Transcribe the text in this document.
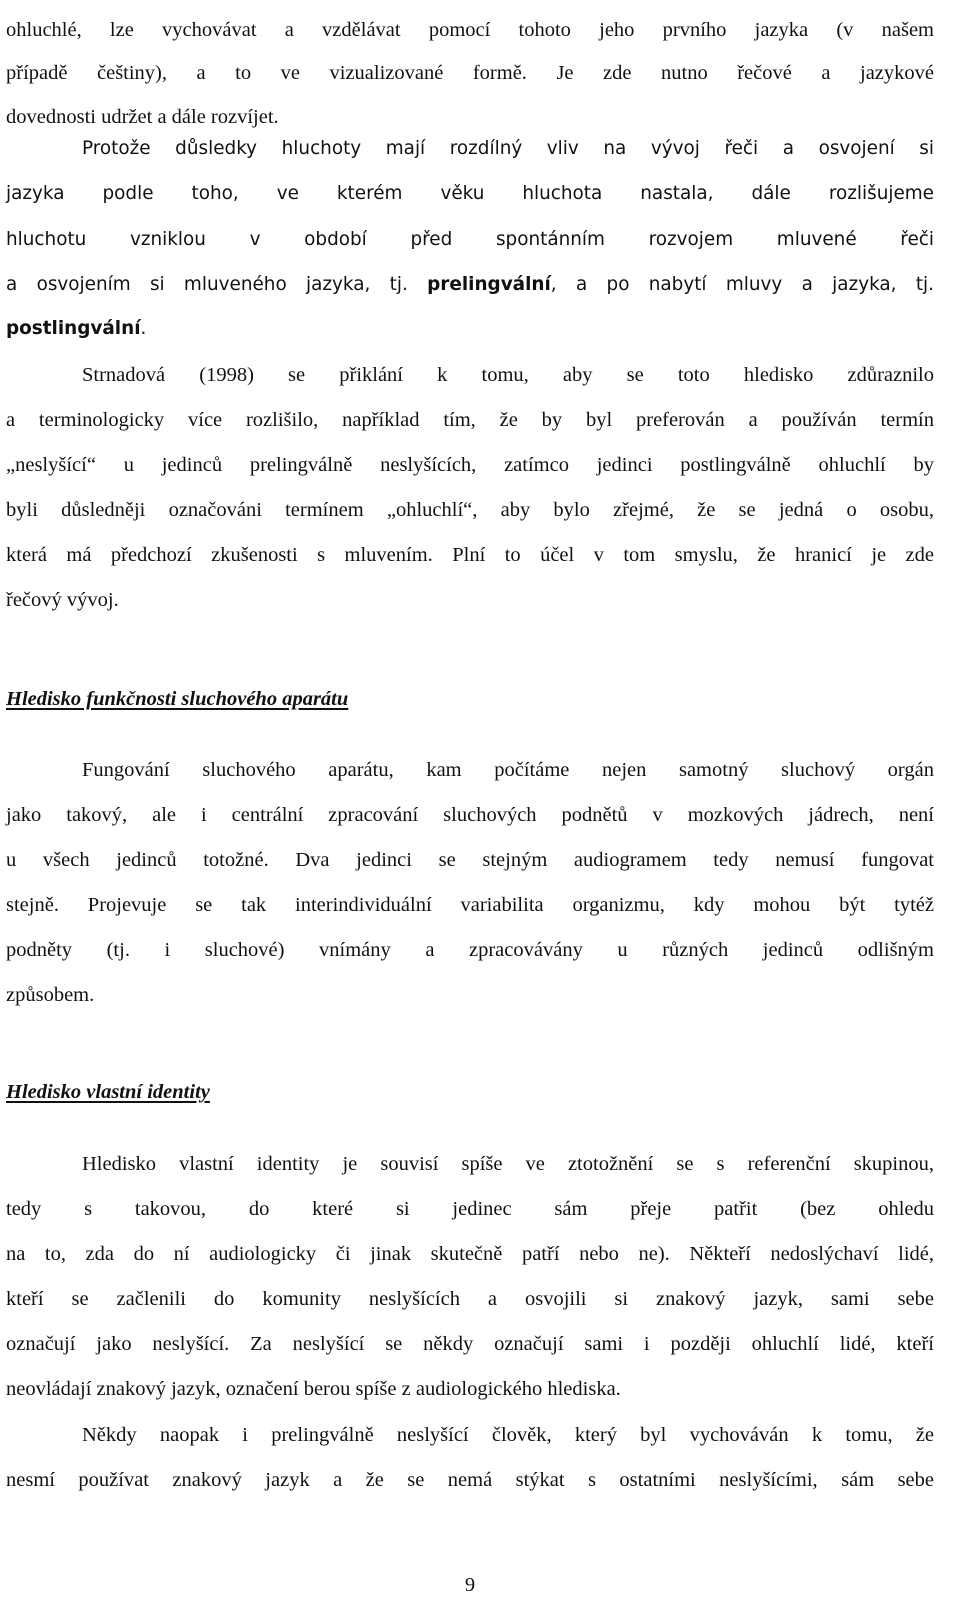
ohluchlé, lze vychovávat a vzdělávat pomocí tohoto jeho prvního jazyka (v našem

případě češtiny), a to ve vizualizované formě. Je zde nutno řečové a jazykové

dovednosti udržet a dále rozvíjet.

Protože důsledky hluchoty mají rozdílný vliv na vývoj řeči a osvojení si

jazyka podle toho, ve kterém věku hluchota nastala, dále rozlišujeme

hluchotu vzniklou v období před spontánním rozvojem mluvené řeči

a osvojením si mluveného jazyka, tj. prelingvální, a po nabytí mluvy a jazyka, tj.

postlingvální.

Strnadová (1998) se přiklání k tomu, aby se toto hledisko zdůraznilo

a terminologicky více rozlišilo, například tím, že by byl preferován a používán termín

„neslyšící“ u jedinců prelingválně neslyšících, zatímco jedinci postlingválně ohluchlí by

byli důsledněji označováni termínem „ohluchlí“, aby bylo zřejmé, že se jedná o osobu,

která má předchozí zkušenosti s mluvením. Plní to účel v tom smyslu, že hranicí je zde

řečový vývoj.

Hledisko funkčnosti sluchového aparátu

Fungování sluchového aparátu, kam počítáme nejen samotný sluchový orgán

jako takový, ale i centrální zpracování sluchových podnětů v mozkových jádrech, není

u všech jedinců totožné. Dva jedinci se stejným audiogramem tedy nemusí fungovat

stejně. Projevuje se tak interindividuální variabilita organizmu, kdy mohou být tytéž

podněty (tj. i sluchové) vnímány a zpracovávány u různých jedinců odlišným

způsobem.

Hledisko vlastní identity

Hledisko vlastní identity je souvisí spíše ve ztotožnění se s referenční skupinou,

tedy s takovou, do které si jedinec sám přeje patřit (bez ohledu

na to, zda do ní audiologicky či jinak skutečně patří nebo ne). Někteří nedoslýchaví lidé,

kteří se začlenili do komunity neslyšících a osvojili si znakový jazyk, sami sebe

označují jako neslyšící. Za neslyšící se někdy označují sami i později ohluchlí lidé, kteří

neovládají znakový jazyk, označení berou spíše z audiologického hlediska.

Někdy naopak i prelingválně neslyšící člověk, který byl vychováván k tomu, že

nesmí používat znakový jazyk a že se nemá stýkat s ostatními neslyšícími, sám sebe

9
